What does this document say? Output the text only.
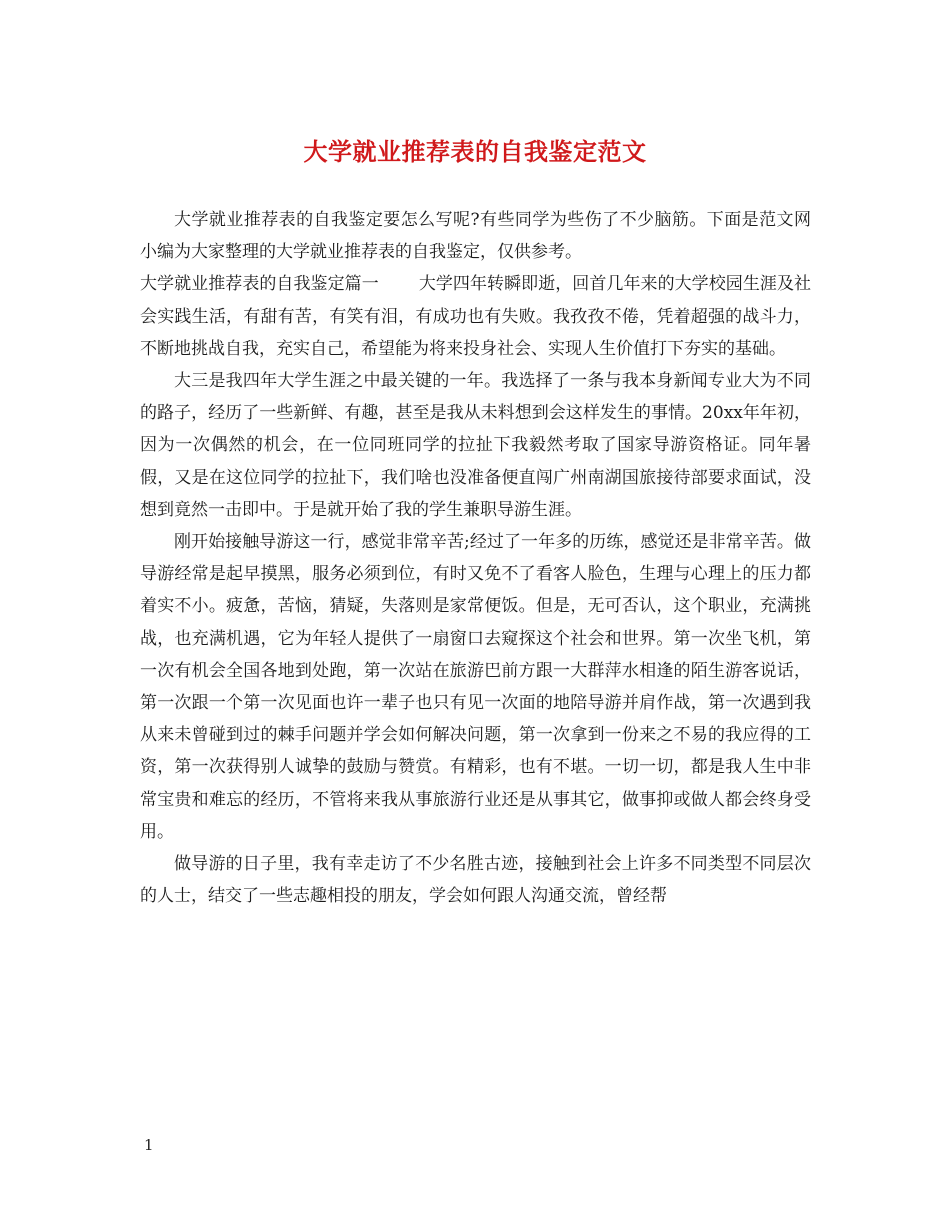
大学就业推荐表的自我鉴定范文

大学就业推荐表的自我鉴定要怎么写呢?有些同学为些伤了不少脑筋。下面是范文网小编为大家整理的大学就业推荐表的自我鉴定，仅供参考。

大学就业推荐表的自我鉴定篇一 大学四年转瞬即逝，回首几年来的大学校园生涯及社会实践生活，有甜有苦，有笑有泪，有成功也有失败。我孜孜不倦，凭着超强的战斗力，不断地挑战自我，充实自己，希望能为将来投身社会、实现人生价值打下夯实的基础。

大三是我四年大学生涯之中最关键的一年。我选择了一条与我本身新闻专业大为不同的路子，经历了一些新鲜、有趣，甚至是我从未料想到会这样发生的事情。20xx年年初，因为一次偶然的机会，在一位同班同学的拉扯下我毅然考取了国家导游资格证。同年暑假，又是在这位同学的拉扯下，我们啥也没准备便直闯广州南湖国旅接待部要求面试，没想到竟然一击即中。于是就开始了我的学生兼职导游生涯。

刚开始接触导游这一行，感觉非常辛苦;经过了一年多的历练，感觉还是非常辛苦。做导游经常是起早摸黑，服务必须到位，有时又免不了看客人脸色，生理与心理上的压力都着实不小。疲惫，苦恼，猜疑，失落则是家常便饭。但是，无可否认，这个职业，充满挑战，也充满机遇，它为年轻人提供了一扇窗口去窥探这个社会和世界。第一次坐飞机，第一次有机会全国各地到处跑，第一次站在旅游巴前方跟一大群萍水相逢的陌生游客说话，第一次跟一个第一次见面也许一辈子也只有见一次面的地陪导游并肩作战，第一次遇到我从来未曾碰到过的棘手问题并学会如何解决问题，第一次拿到一份来之不易的我应得的工资，第一次获得别人诚挚的鼓励与赞赏。有精彩，也有不堪。一切一切，都是我人生中非常宝贵和难忘的经历，不管将来我从事旅游行业还是从事其它，做事抑或做人都会终身受用。

做导游的日子里，我有幸走访了不少名胜古迹，接触到社会上许多不同类型不同层次的人士，结交了一些志趣相投的朋友，学会如何跟人沟通交流，曾经帮

1
